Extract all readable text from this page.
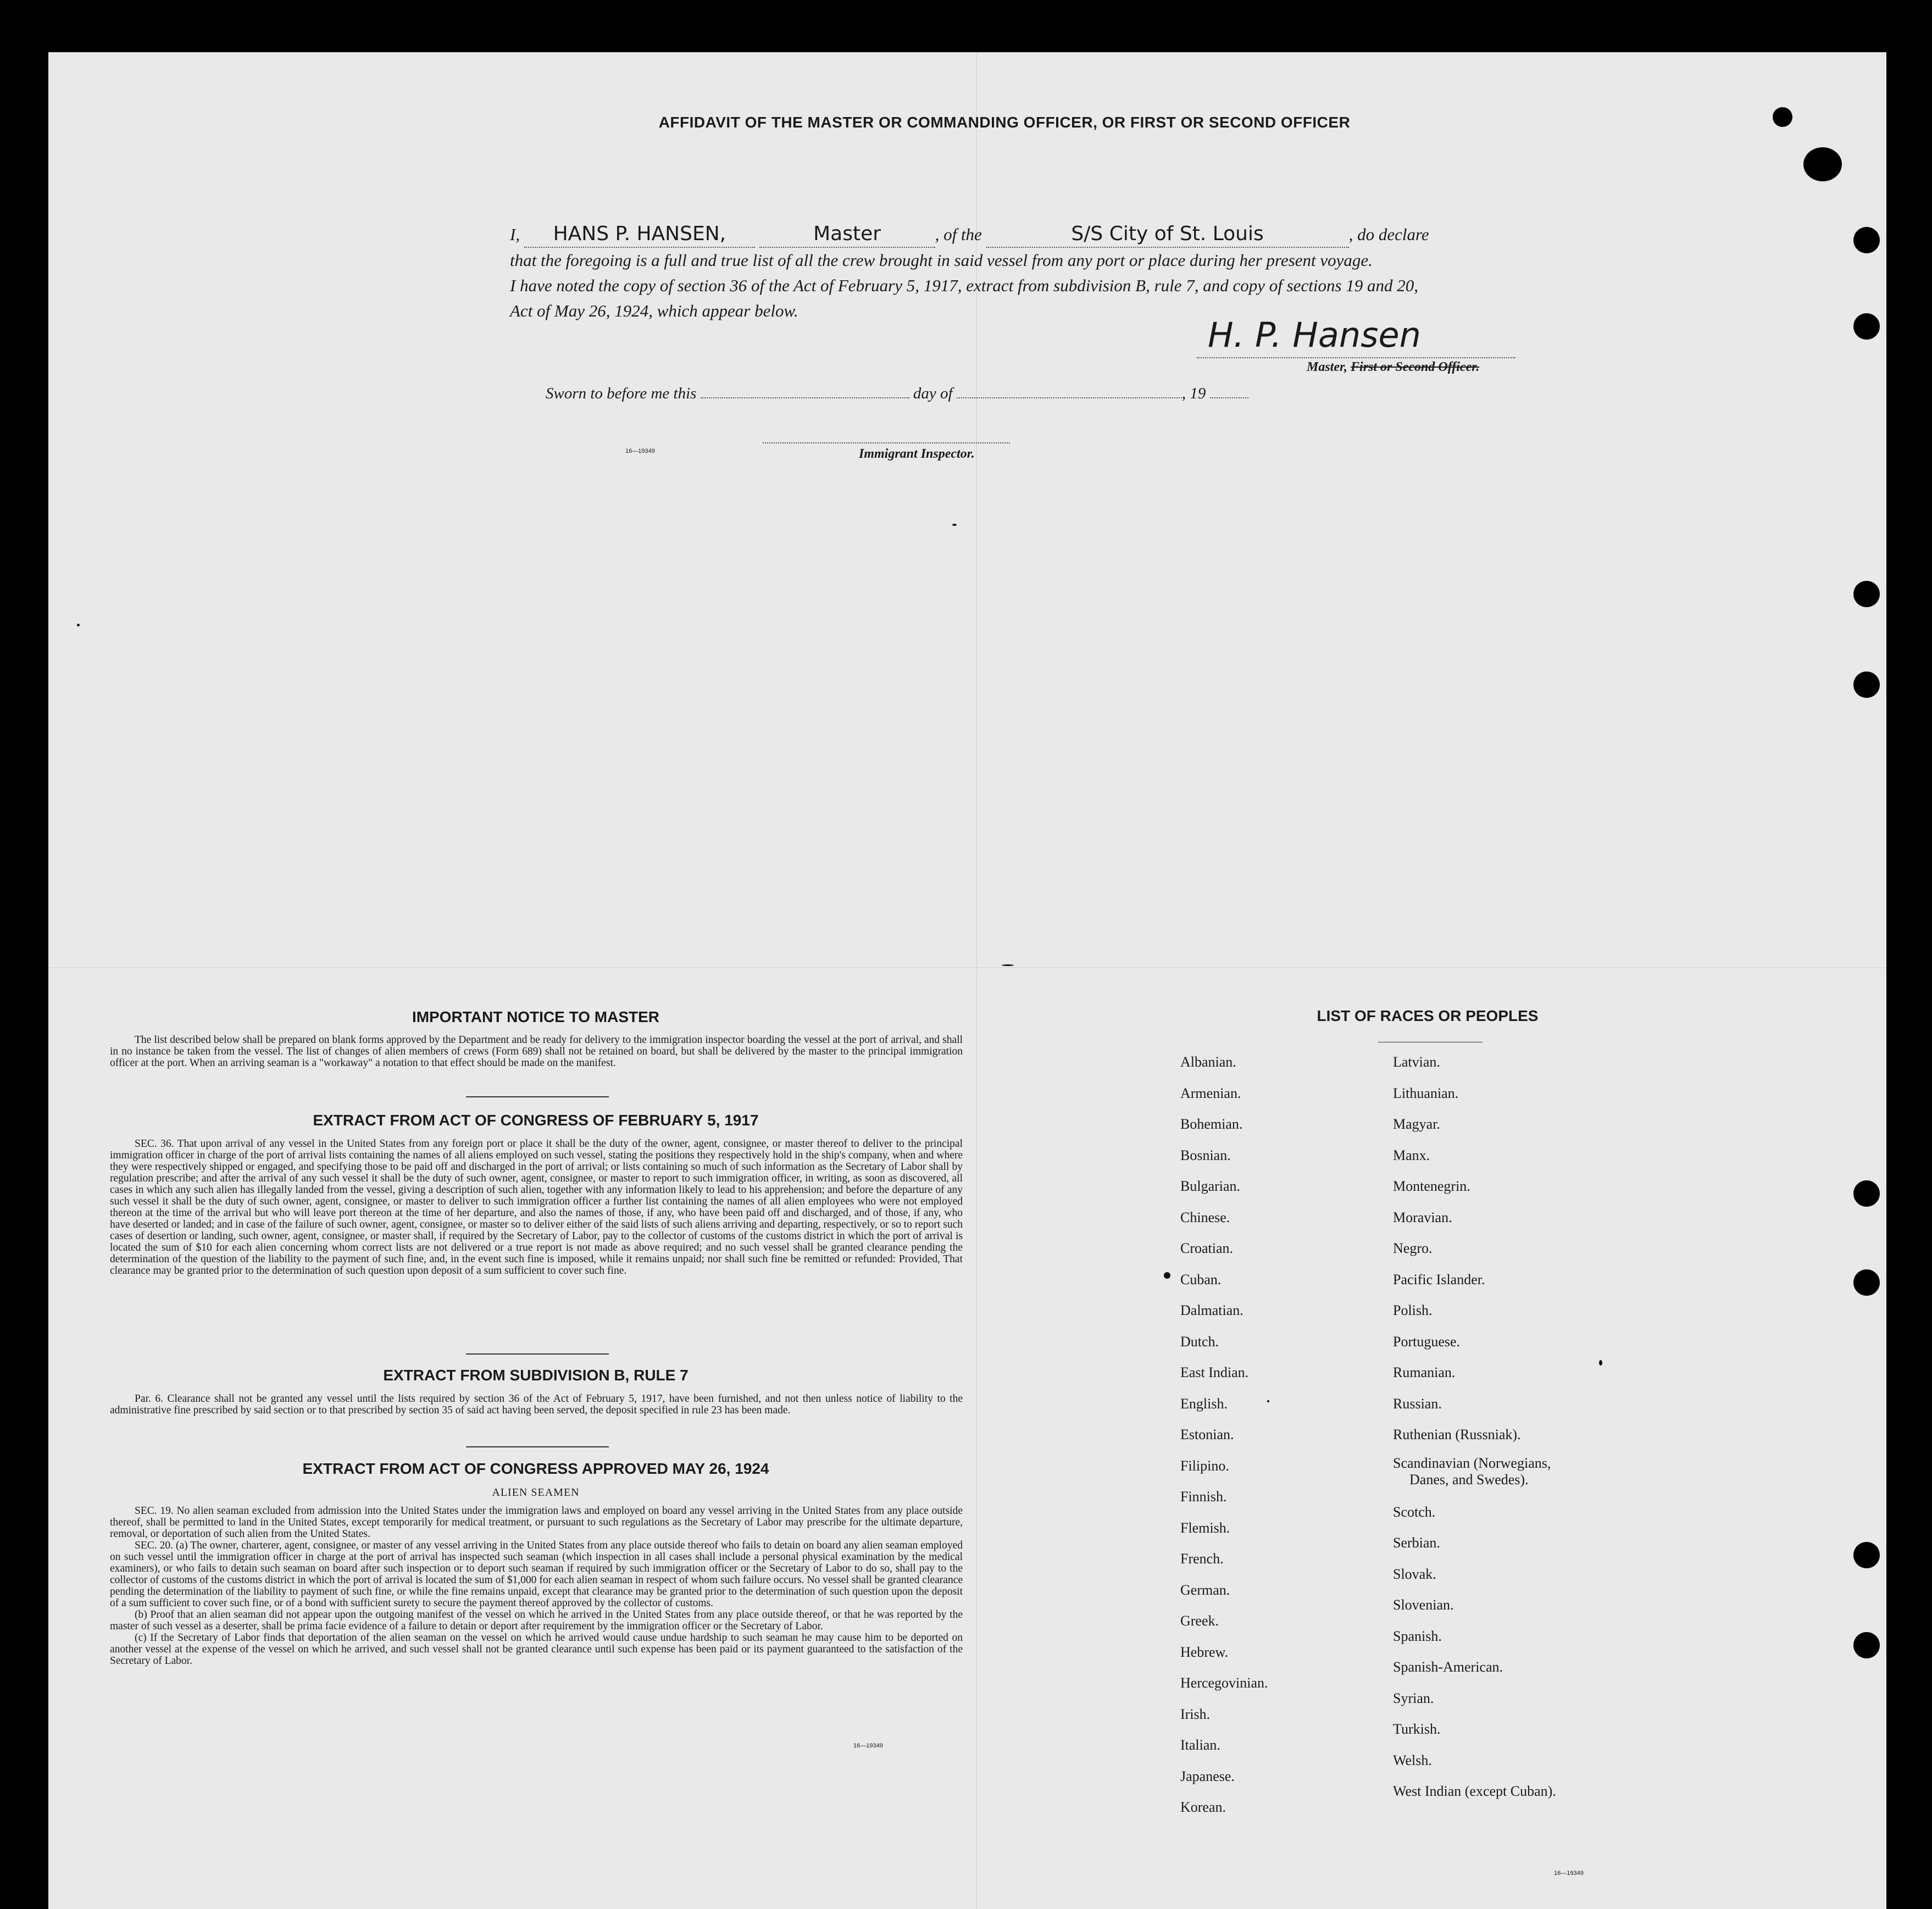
AFFIDAVIT OF THE MASTER OR COMMANDING OFFICER, OR FIRST OR SECOND OFFICER
I, HANS P. HANSEN,	Master	, of the	S/S City of St. Louis	, do declare
that the foregoing is a full and true list of all the crew brought in said vessel from any port or place during her present voyage.
I have noted the copy of section 36 of the Act of February 5, 1917, extract from subdivision B, rule 7, and copy of sections 19 and 20,
Act of May 26, 1924, which appear below.
H. P. Hansen
Master, First or Second Officer.
Sworn to before me this	day of	, 19
16—19349	Immigrant Inspector.
IMPORTANT NOTICE TO MASTER
The list described below shall be prepared on blank forms approved by the Department and be ready for delivery to the immigration inspector boarding the vessel at the port of arrival, and shall in no instance be taken from the vessel. The list of changes of alien members of crews (Form 689) shall not be retained on board, but shall be delivered by the master to the principal immigration officer at the port. When an arriving seaman is a "workaway" a notation to that effect should be made on the manifest.
EXTRACT FROM ACT OF CONGRESS OF FEBRUARY 5, 1917
SEC. 36. That upon arrival of any vessel in the United States from any foreign port or place it shall be the duty of the owner, agent, consignee, or master thereof to deliver to the principal immigration officer in charge of the port of arrival lists containing the names of all aliens employed on such vessel, stating the positions they respectively hold in the ship's company, when and where they were respectively shipped or engaged, and specifying those to be paid off and discharged in the port of arrival; or lists containing so much of such information as the Secretary of Labor shall by regulation prescribe; and after the arrival of any such vessel it shall be the duty of such owner, agent, consignee, or master to report to such immigration officer, in writing, as soon as discovered, all cases in which any such alien has illegally landed from the vessel, giving a description of such alien, together with any information likely to lead to his apprehension; and before the departure of any such vessel it shall be the duty of such owner, agent, consignee, or master to deliver to such immigration officer a further list containing the names of all alien employees who were not employed thereon at the time of the arrival but who will leave port thereon at the time of her departure, and also the names of those, if any, who have been paid off and discharged, and of those, if any, who have deserted or landed; and in case of the failure of such owner, agent, consignee, or master so to deliver either of the said lists of such aliens arriving and departing, respectively, or so to report such cases of desertion or landing, such owner, agent, consignee, or master shall, if required by the Secretary of Labor, pay to the collector of customs of the customs district in which the port of arrival is located the sum of $10 for each alien concerning whom correct lists are not delivered or a true report is not made as above required; and no such vessel shall be granted clearance pending the determination of the question of the liability to the payment of such fine, and, in the event such fine is imposed, while it remains unpaid; nor shall such fine be remitted or refunded: Provided, That clearance may be granted prior to the determination of such question upon deposit of a sum sufficient to cover such fine.
EXTRACT FROM SUBDIVISION B, RULE 7
Par. 6. Clearance shall not be granted any vessel until the lists required by section 36 of the Act of February 5, 1917, have been furnished, and not then unless notice of liability to the administrative fine prescribed by said section or to that prescribed by section 35 of said act having been served, the deposit specified in rule 23 has been made.
EXTRACT FROM ACT OF CONGRESS APPROVED MAY 26, 1924
ALIEN SEAMEN
SEC. 19. No alien seaman excluded from admission into the United States under the immigration laws and employed on board any vessel arriving in the United States from any place outside thereof, shall be permitted to land in the United States, except temporarily for medical treatment, or pursuant to such regulations as the Secretary of Labor may prescribe for the ultimate departure, removal, or deportation of such alien from the United States.
SEC. 20. (a) The owner, charterer, agent, consignee, or master of any vessel arriving in the United States from any place outside thereof who fails to detain on board any alien seaman employed on such vessel until the immigration officer in charge at the port of arrival has inspected such seaman (which inspection in all cases shall include a personal physical examination by the medical examiners), or who fails to detain such seaman on board after such inspection or to deport such seaman if required by such immigration officer or the Secretary of Labor to do so, shall pay to the collector of customs of the customs district in which the port of arrival is located the sum of $1,000 for each alien seaman in respect of whom such failure occurs. No vessel shall be granted clearance pending the determination of the liability to payment of such fine, or while the fine remains unpaid, except that clearance may be granted prior to the determination of such question upon the deposit of a sum sufficient to cover such fine, or of a bond with sufficient surety to secure the payment thereof approved by the collector of customs.
(b) Proof that an alien seaman did not appear upon the outgoing manifest of the vessel on which he arrived in the United States from any place outside thereof, or that he was reported by the master of such vessel as a deserter, shall be prima facie evidence of a failure to detain or deport after requirement by the immigration officer or the Secretary of Labor.
(c) If the Secretary of Labor finds that deportation of the alien seaman on the vessel on which he arrived would cause undue hardship to such seaman he may cause him to be deported on another vessel at the expense of the vessel on which he arrived, and such vessel shall not be granted clearance until such expense has been paid or its payment guaranteed to the satisfaction of the Secretary of Labor.
16—19349
LIST OF RACES OR PEOPLES
Albanian.
Armenian.
Bohemian.
Bosnian.
Bulgarian.
Chinese.
Croatian.
Cuban.
Dalmatian.
Dutch.
East Indian.
English.
Estonian.
Filipino.
Finnish.
Flemish.
French.
German.
Greek.
Hebrew.
Hercegovinian.
Irish.
Italian.
Japanese.
Korean.
Latvian.
Lithuanian.
Magyar.
Manx.
Montenegrin.
Moravian.
Negro.
Pacific Islander.
Polish.
Portuguese.
Rumanian.
Russian.
Ruthenian (Russniak).
Scandinavian (Norwegians,
Danes, and Swedes).
Scotch.
Serbian.
Slovak.
Slovenian.
Spanish.
Spanish-American.
Syrian.
Turkish.
Welsh.
West Indian (except Cuban).
16—19349
